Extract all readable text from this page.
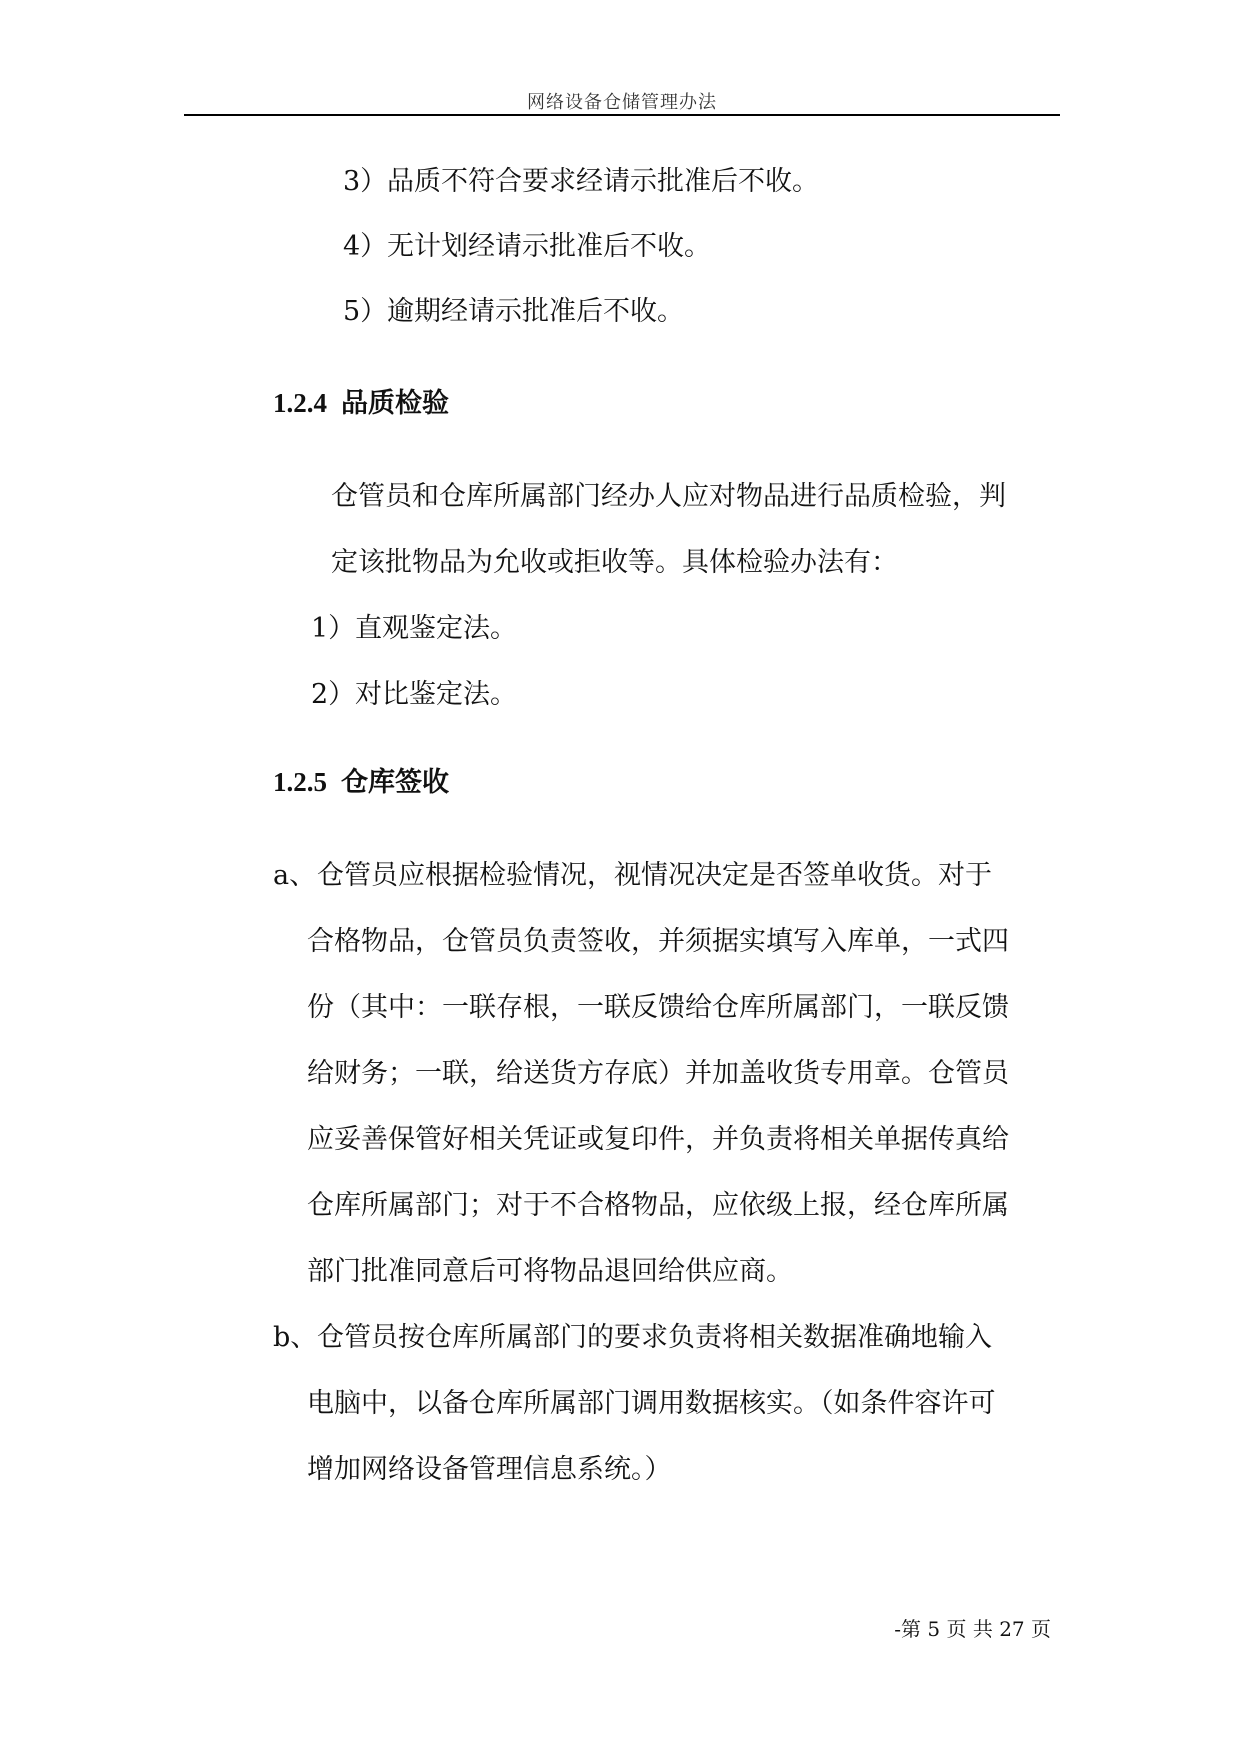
网络设备仓储管理办法
3）品质不符合要求经请示批准后不收。
4）无计划经请示批准后不收。
5）逾期经请示批准后不收。
1.2.4 品质检验
仓管员和仓库所属部门经办人应对物品进行品质检验，判
定该批物品为允收或拒收等。具体检验办法有：
1）直观鉴定法。
2）对比鉴定法。
1.2.5 仓库签收
a、 仓管员应根据检验情况，视情况决定是否签单收货。对于
合格物品，仓管员负责签收，并须据实填写入库单，一式四
份（其中：一联存根，一联反馈给仓库所属部门，一联反馈
给财务；一联，给送货方存底）并加盖收货专用章。仓管员
应妥善保管好相关凭证或复印件，并负责将相关单据传真给
仓库所属部门；对于不合格物品，应依级上报，经仓库所属
部门批准同意后可将物品退回给供应商。
b、 仓管员按仓库所属部门的要求负责将相关数据准确地输入
电脑中，以备仓库所属部门调用数据核实。（如条件容许可
增加网络设备管理信息系统。）
-第 5 页 共 27 页
